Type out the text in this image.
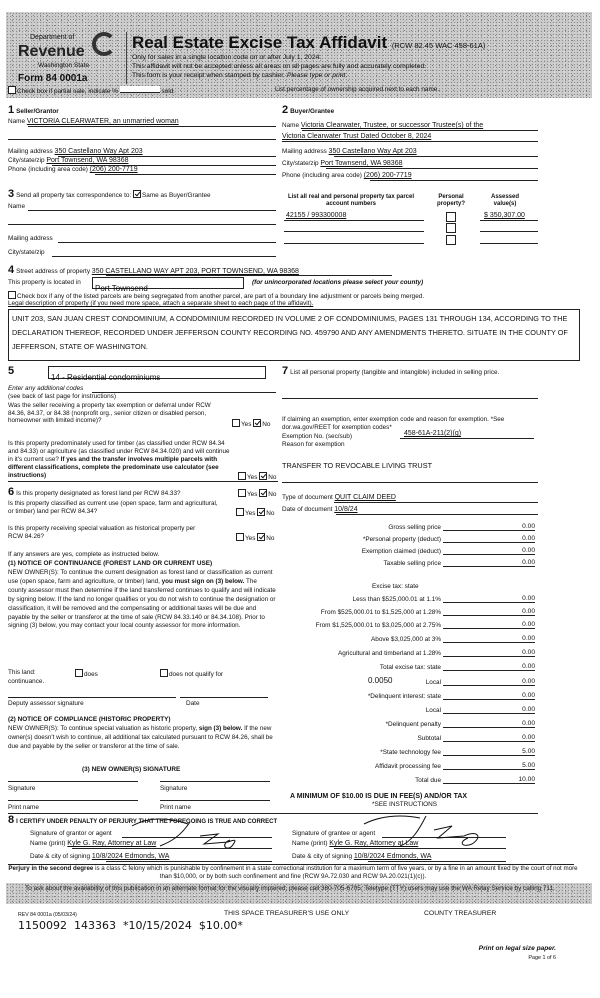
Department of
Revenue
Washington State
Form 84 0001a
Real Estate Excise Tax Affidavit (RCW 82.45 WAC 458-61A)
Only for sales in a single location code on or after July 1, 2024.
This affidavit will not be accepted unless all areas on all pages are fully and accurately completed.
This form is your receipt when stamped by cashier. Please type or print.
Check box if partial sale, indicate %	sold.	List percentage of ownership acquired next to each name.
1 Seller/Grantor
Name VICTORIA CLEARWATER, an unmarried woman
Mailing address 350 Castellano Way Apt 203
City/state/zip Port Townsend, WA 98368
Phone (including area code) (206) 200-7719
2 Buyer/Grantee
Name Victoria Clearwater, Trustee, or successor Trustee(s) of the
Victoria Clearwater Trust Dated October 8, 2024
Mailing address 350 Castellano Way Apt 203
City/state/zip Port Townsend, WA 98368
Phone (including area code) (206) 200-7719
3 Send all property tax correspondence to: Same as Buyer/Grantee
Name
Mailing address
City/state/zip
List all real and personal property tax parcel account numbers
Personal property?
Assessed value(s)
42155 / 993300008	$ 350,307.00
4 Street address of property 350 CASTELLANO WAY APT 203, PORT TOWNSEND, WA 98368
This property is located in
Port Townsend
(for unincorporated locations please select your county)
Check box if any of the listed parcels are being segregated from another parcel, are part of a boundary line adjustment or parcels being merged.
Legal description of property (if you need more space, attach a separate sheet to each page of the affidavit).
UNIT 203, SAN JUAN CREST CONDOMINIUM, A CONDOMINIUM RECORDED IN VOLUME 2 OF CONDOMINIUMS, PAGES 131 THROUGH 134, ACCORDING TO THE DECLARATION THEREOF, RECORDED UNDER JEFFERSON COUNTY RECORDING NO. 459790 AND ANY AMENDMENTS THERETO. SITUATE IN THE COUNTY OF JEFFERSON, STATE OF WASHINGTON.
5
14 - Residential condominiums
Enter any additional codes
(see back of last page for instructions)
Was the seller receiving a property tax exemption or deferral under RCW 84.36, 84.37, or 84.38 (nonprofit org., senior citizen or disabled person, homeowner with limited income)?
Yes No
Is this property predominately used for timber (as classified under RCW 84.34 and 84.33) or agriculture (as classified under RCW 84.34.020) and will continue in it's current use? If yes and the transfer involves multiple parcels with different classifications, complete the predominate use calculator (see instructions)	Yes No
6 Is this property designated as forest land per RCW 84.33?	Yes No
Is this property classified as current use (open space, farm and agricultural, or timber) land per RCW 84.34?	Yes No
Is this property receiving special valuation as historical property per RCW 84.26?	Yes No
If any answers are yes, complete as instructed below.
(1) NOTICE OF CONTINUANCE (FOREST LAND OR CURRENT USE)
NEW OWNER(S): To continue the current designation as forest land or classification as current use (open space, farm and agriculture, or timber) land, you must sign on (3) below. The county assessor must then determine if the land transferred continues to qualify and will indicate by signing below. If the land no longer qualifies or you do not wish to continue the designation or classification, it will be removed and the compensating or additional taxes will be due and payable by the seller or transferor at the time of sale (RCW 84.33.140 or 84.34.108). Prior to signing (3) below, you may contact your local county assessor for more information.
This land:	does	does not qualify for
continuance.
Deputy assessor signature	Date
(2) NOTICE OF COMPLIANCE (HISTORIC PROPERTY)
NEW OWNER(S): To continue special valuation as historic property, sign (3) below. If the new owner(s) doesn't wish to continue, all additional tax calculated pursuant to RCW 84.26, shall be due and payable by the seller or transferor at the time of sale.
(3) NEW OWNER(S) SIGNATURE
Signature	Signature
Print name	Print name
7 List all personal property (tangible and intangible) included in selling price.
If claiming an exemption, enter exemption code and reason for exemption. *See dor.wa.gov/REET for exemption codes*
Exemption No. (sec/sub)	458-61A-211(2)(g)
Reason for exemption
TRANSFER TO REVOCABLE LIVING TRUST
Type of document QUIT CLAIM DEED
Date of document 10/8/24
Gross selling price	0.00
*Personal property (deduct)	0.00
Exemption claimed (deduct)	0.00
Taxable selling price	0.00
Excise tax: state
Less than $525,000.01 at 1.1%	0.00
From $525,000.01 to $1,525,000 at 1.28%	0.00
From $1,525,000.01 to $3,025,000 at 2.75%	0.00
Above $3,025,000 at 3%	0.00
Agricultural and timberland at 1.28%	0.00
Total excise tax: state	0.00
0.0050	Local	0.00
*Delinquent interest: state	0.00
Local	0.00
*Delinquent penalty	0.00
Subtotal	0.00
*State technology fee	5.00
Affidavit processing fee	5.00
Total due	10.00
A MINIMUM OF $10.00 IS DUE IN FEE(S) AND/OR TAX
*SEE INSTRUCTIONS
8 I CERTIFY UNDER PENALTY OF PERJURY THAT THE FOREGOING IS TRUE AND CORRECT
Signature of grantor or agent
Name (print) Kyle G. Ray, Attorney at Law
Date & city of signing 10/8/2024 Edmonds, WA
Signature of grantee or agent
Name (print) Kyle G. Ray, Attorney at Law
Date & city of signing 10/8/2024 Edmonds, WA
Perjury in the second degree is a class C felony which is punishable by confinement in a state correctional institution for a maximum term of five years, or by a fine in an amount fixed by the court of not more than $10,000, or by both such confinement and fine (RCW 9A.72.030 and RCW 9A.20.021(1)(c)).
To ask about the availability of this publication in an alternate format for the visually impaired, please call 360-705-6705. Teletype (TTY) users may use the WA Relay Service by calling 711.
REV 84 0001a (05/03/24)	THIS SPACE TREASURER'S USE ONLY	COUNTY TREASURER
1150092  143363  *10/15/2024  $10.00*
Print on legal size paper.
Page 1 of 6
